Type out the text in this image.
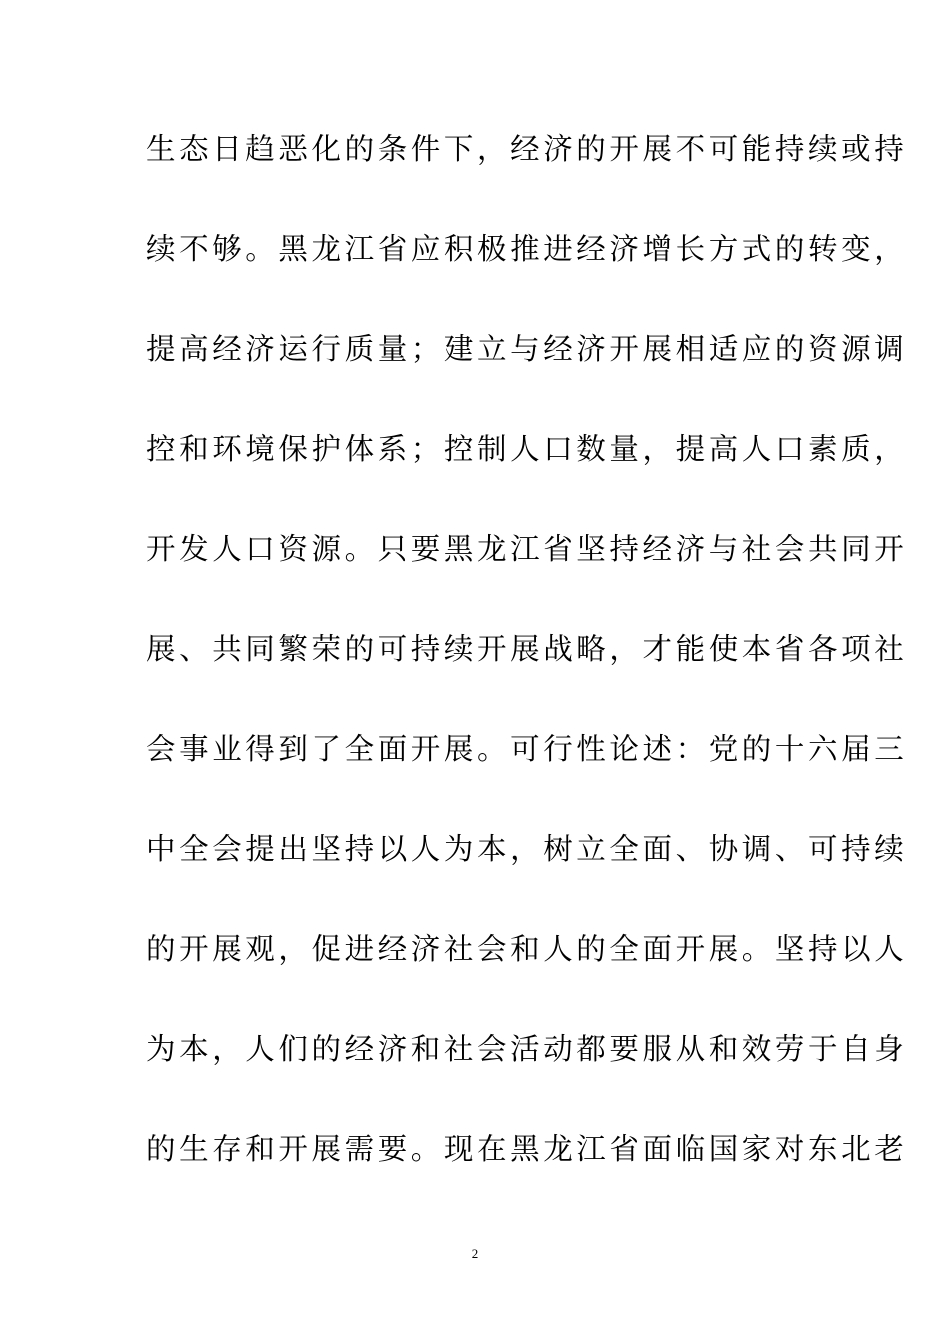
生态日趋恶化的条件下，经济的开展不可能持续或持
续不够。黑龙江省应积极推进经济增长方式的转变，
提高经济运行质量；建立与经济开展相适应的资源调
控和环境保护体系；控制人口数量，提高人口素质，
开发人口资源。只要黑龙江省坚持经济与社会共同开
展、共同繁荣的可持续开展战略，才能使本省各项社
会事业得到了全面开展。可行性论述：党的十六届三
中全会提出坚持以人为本，树立全面、协调、可持续
的开展观，促进经济社会和人的全面开展。坚持以人
为本，人们的经济和社会活动都要服从和效劳于自身
的生存和开展需要。现在黑龙江省面临国家对东北老
2
